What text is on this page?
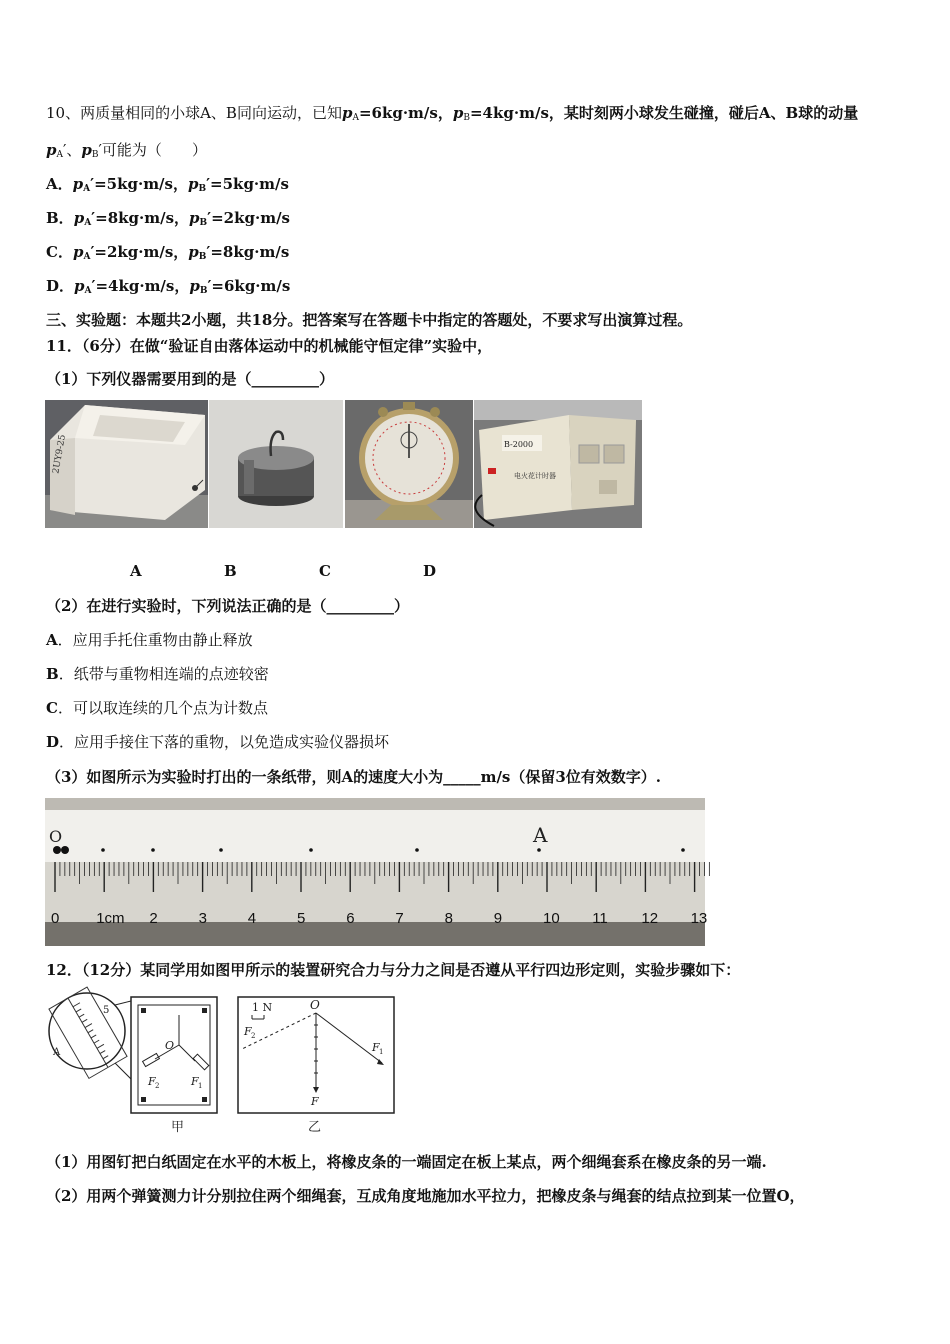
10、两质量相同的小球A、B同向运动，已知$p_A=6kg\cdot m/s$，$p_B=4kg\cdot m/s$，某时刻两小球发生碰撞，碰后A、B球的动量
$p_A'$、$p_B'$可能为（　　）
A．$p_A'=5kg\cdot m/s$，$p_B'=5kg\cdot m/s$
B．$p_A'=8kg\cdot m/s$，$p_B'=2kg\cdot m/s$
C．$p_A'=2kg\cdot m/s$，$p_B'=8kg\cdot m/s$
D．$p_A'=4kg\cdot m/s$，$p_B'=6kg\cdot m/s$
三、实验题：本题共2小题，共18分。把答案写在答题卡中指定的答题处，不要求写出演算过程。
11．（6分）在做“验证自由落体运动中的机械能守恒定律”实验中，
（1）下列仪器需要用到的是（_________）
2UY9-25	B-2000
电火花计时器
A	B	C	D
（2）在进行实验时，下列说法正确的是（_________）
A．应用手托住重物由静止释放
B．纸带与重物相连端的点迹较密
C．可以取连续的几个点为计数点
D．应用手接住下落的重物，以免造成实验仪器损坏
（3）如图所示为实验时打出的一条纸带，则A的速度大小为_____m/s（保留3位有效数字）.
O	A
0 1cm 2	3	4	5	6	7	8	9	10 11 12 13
12．（12分）某同学用如图甲所示的装置研究合力与分力之间是否遵从平行四边形定则，实验步骤如下：
5
A
O
F 2	F 1
甲
1 N	O
F
F 1
F 2
乙
（1）用图钉把白纸固定在水平的木板上，将橡皮条的一端固定在板上某点，两个细绳套系在橡皮条的另一端.
（2）用两个弹簧测力计分别拉住两个细绳套，互成角度地施加水平拉力，把橡皮条与绳套的结点拉到某一位置O，
